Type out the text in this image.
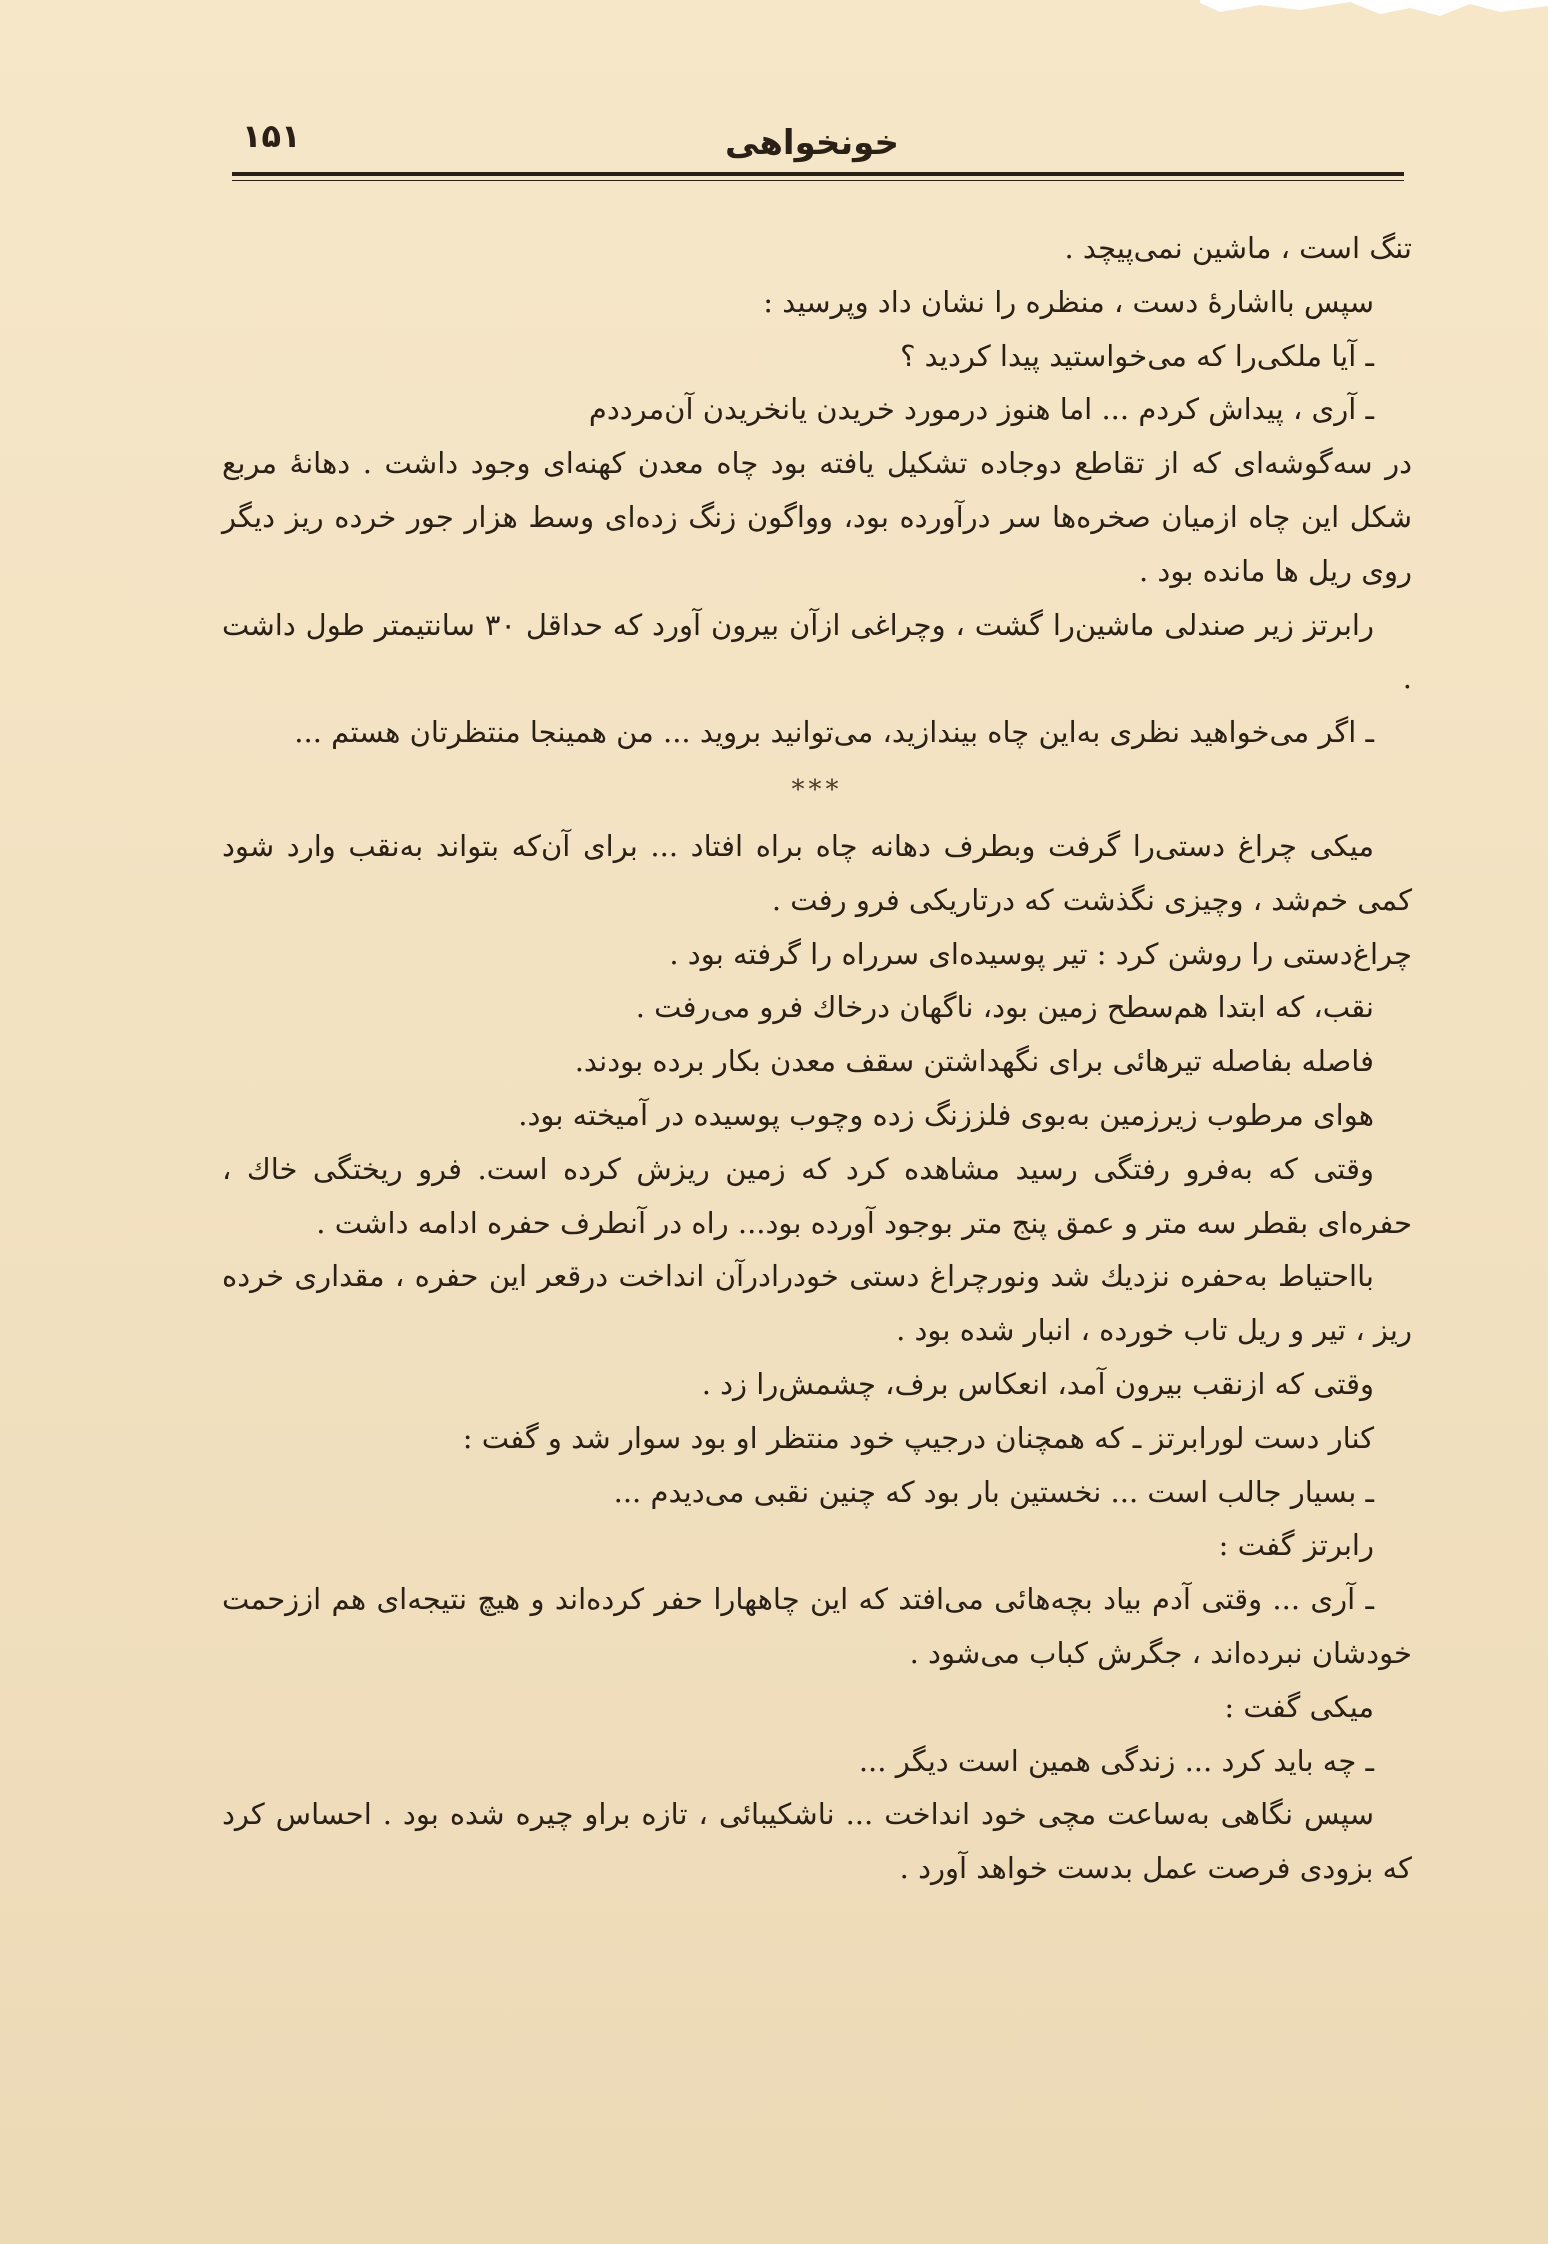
خونخواهی
۱۵۱

تنگ است ، ماشین نمی‌پیچد .

سپس بااشارهٔ دست ، منظره را نشان داد وپرسید :

ـ آیا ملکی‌را که می‌خواستید پیدا کردید ؟

ـ آری ، پیداش کردم ... اما هنوز درمورد خریدن یانخریدن آن‌مرددم

در سه‌گوشه‌ای که از تقاطع دوجاده تشکیل یافته بود چاه معدن کهنه‌ای وجود داشت . دهانهٔ مربع شکل این چاه ازمیان صخره‌ها سر درآورده بود، وواگون زنگ زده‌ای وسط هزار جور خرده ریز دیگر روی ریل ها مانده بود .

رابرتز زیر صندلی ماشین‌را گشت ، وچراغی ازآن بیرون آورد که حداقل ۳۰ سانتیمتر طول داشت .

ـ اگر می‌خواهید نظری به‌این چاه بیندازید، می‌توانید بروید ... من همینجا منتظرتان هستم ...

***

میکی چراغ دستی‌را گرفت وبطرف دهانه چاه براه افتاد ... برای آن‌که بتواند به‌نقب وارد شود کمی خم‌شد ، وچیزی نگذشت که درتاریکی فرو رفت .

چراغ‌دستی را روشن کرد : تیر پوسیده‌ای سرراه را گرفته بود .

نقب، که ابتدا هم‌سطح زمین بود، ناگهان درخاك فرو می‌رفت .

فاصله بفاصله تیرهائی برای نگهداشتن سقف معدن بکار برده بودند.

هوای مرطوب زیرزمین به‌بوی فلززنگ زده وچوب پوسیده در آمیخته بود.

وقتی که به‌فرو رفتگی رسید مشاهده کرد که زمین ریزش کرده است. فرو ریختگی خاك ، حفره‌ای بقطر سه متر و عمق پنج متر بوجود آورده بود... راه در آنطرف حفره ادامه داشت .

بااحتیاط به‌حفره نزدیك شد ونورچراغ دستی خودرادرآن انداخت درقعر این حفره ، مقداری خرده ریز ، تیر و ریل تاب خورده ، انبار شده بود .

وقتی که ازنقب بیرون آمد، انعکاس برف، چشمش‌را زد .

کنار دست لورابرتز ـ که همچنان درجیپ خود منتظر او بود سوار شد و گفت :

ـ بسیار جالب است ... نخستین بار بود که چنین نقبی می‌دیدم ...

رابرتز گفت :

ـ آری ... وقتی آدم بیاد بچه‌هائی می‌افتد که این چاههارا حفر کرده‌اند و هیچ نتیجه‌ای هم اززحمت خودشان نبرده‌اند ، جگرش کباب می‌شود .

میکی گفت :

ـ چه باید کرد ... زندگی همین است دیگر ...

سپس نگاهی به‌ساعت مچی خود انداخت ... ناشکیبائی ، تازه براو چیره شده بود . احساس کرد که بزودی فرصت عمل بدست خواهد آورد .
